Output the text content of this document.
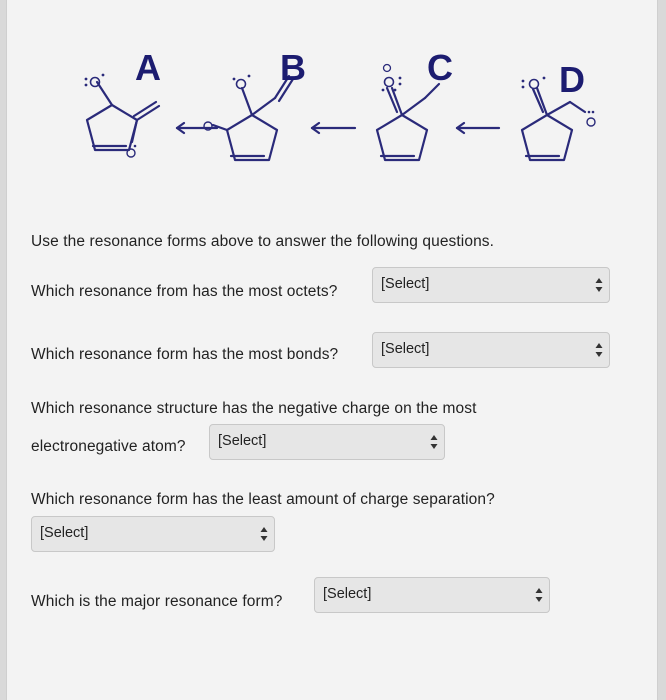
A	B	C	D
Use the resonance forms above to answer the following questions.
Which resonance from has the most octets?	[Select]
Which resonance form has the most bonds?	[Select]
Which resonance structure has the negative charge on the most
electronegative atom? [Select]
Which resonance form has the least amount of charge separation?
[Select]
Which is the major resonance form?	[Select]
